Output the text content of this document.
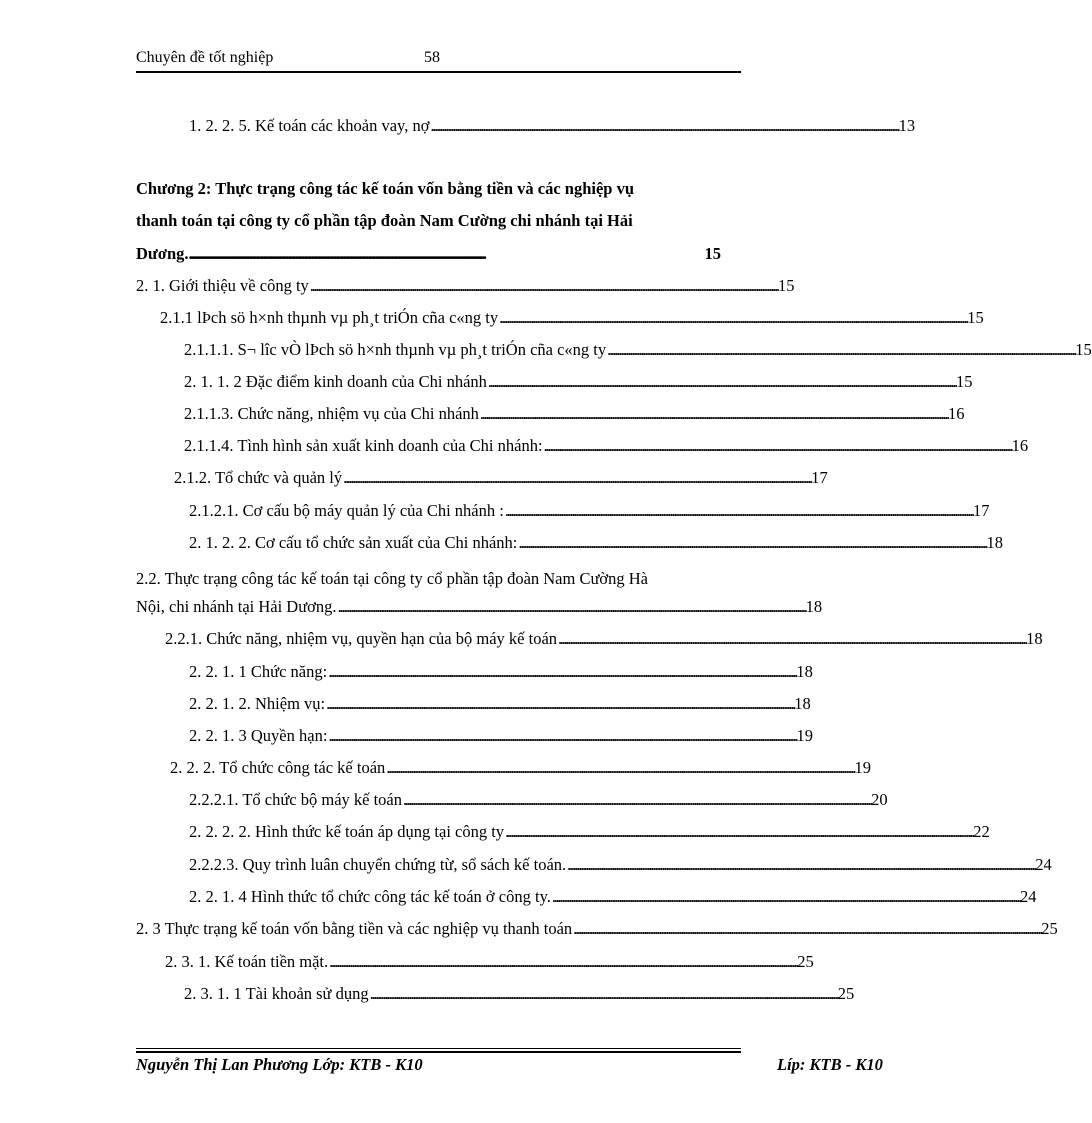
Chuyên đề tốt nghiệp	58
1. 2. 2. 5. Kế toán các khoản vay, nợ . . .	13
Chương 2: Thực trạng công tác kế toán vốn bằng tiền và các nghiệp vụ
thanh toán tại công ty cổ phần tập đoàn Nam Cường chi nhánh tại Hải
Dương. . . .	15
2. 1. Giới thiệu về công ty . . .	15
2.1.1 lÞch sö h×nh thµnh vµ ph¸t triÓn cña c«ng ty . . .	15
2.1.1.1. S¬ lîc vÒ lÞch sö h×nh thµnh vµ ph¸t triÓn cña c«ng ty . . .	15
2. 1. 1. 2 Đặc điểm kinh doanh của Chi nhánh . . .	15
2.1.1.3. Chức năng, nhiệm vụ của Chi nhánh . . .	16
2.1.1.4. Tình hình sản xuất kinh doanh của Chi nhánh: . . .	16
2.1.2. Tổ chức và quản lý . . .	17
2.1.2.1. Cơ cấu bộ máy quản lý của Chi nhánh : . . .	17
2. 1. 2. 2. Cơ cấu tổ chức sản xuất của Chi nhánh: . . .	18
2.2. Thực trạng công tác kế toán tại công ty cổ phần tập đoàn Nam Cường Hà
Nội, chi nhánh tại Hải Dương. . . .	18
2.2.1. Chức năng, nhiệm vụ, quyền hạn của bộ máy kế toán . . .	18
2. 2. 1. 1 Chức năng: . . .	18
2. 2. 1. 2. Nhiệm vụ: . . .	18
2. 2. 1. 3 Quyền hạn: . . .	19
2. 2. 2. Tổ chức công tác kế toán . . .	19
2.2.2.1. Tổ chức bộ máy kế toán . . .	20
2. 2. 2. 2. Hình thức kế toán áp dụng tại công ty . . .	22
2.2.2.3. Quy trình luân chuyển chứng từ, sổ sách kế toán. . . .	24
2. 2. 1. 4 Hình thức tổ chức công tác kế toán ở công ty. . . .	24
2. 3 Thực trạng kế toán vốn bằng tiền và các nghiệp vụ thanh toán . . .	25
2. 3. 1. Kế toán tiền mặt. . . .	25
2. 3. 1. 1 Tài khoản sử dụng . . .	25
Nguyễn Thị Lan Phương Lớp: KTB - K10	Líp: KTB - K10
